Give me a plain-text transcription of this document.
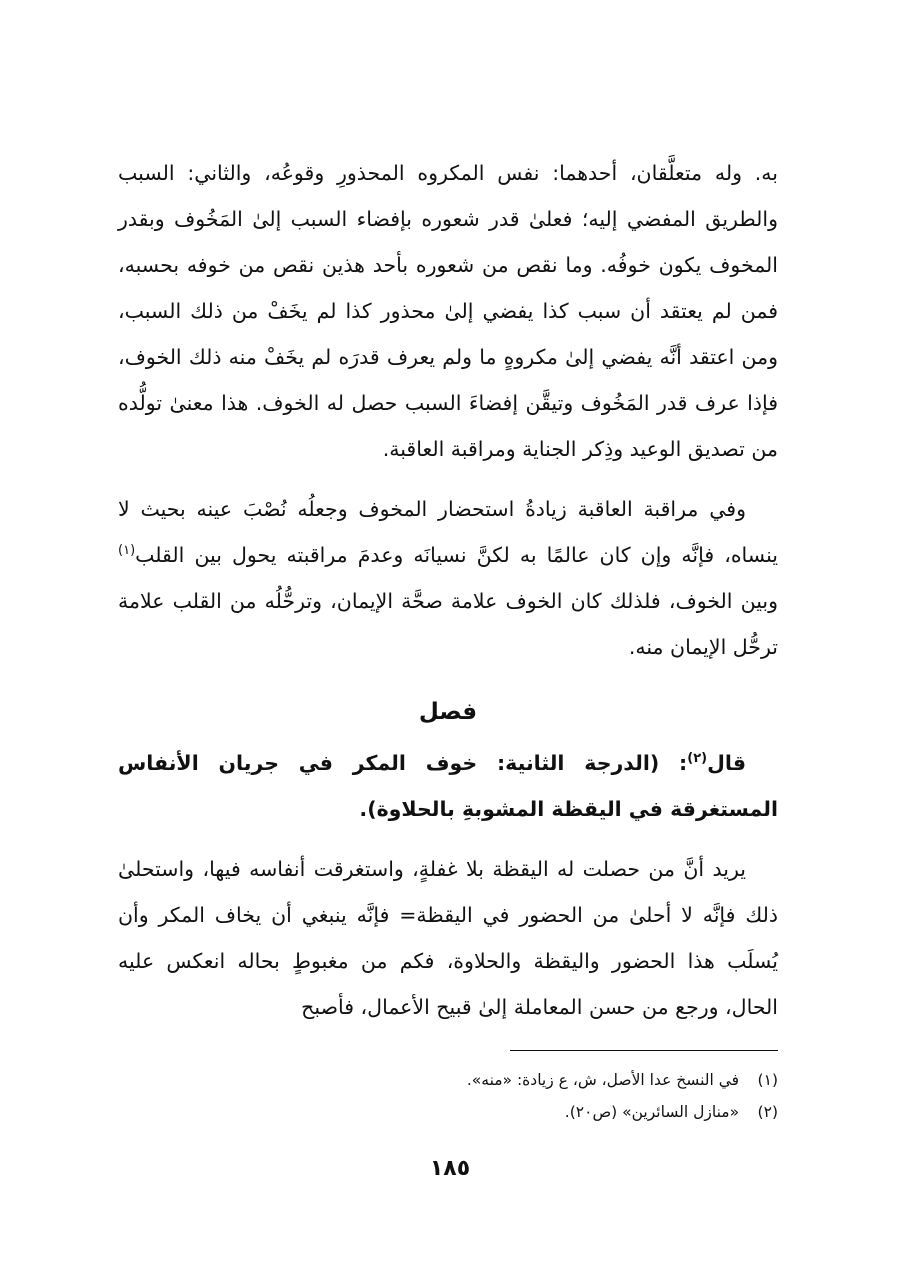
به. وله متعلَّقان، أحدهما: نفس المكروه المحذورِ وقوعُه، والثاني: السبب والطريق المفضي إليه؛ فعلىٰ قدر شعوره بإفضاء السبب إلىٰ المَخُوف وبقدر المخوف يكون خوفُه. وما نقص من شعوره بأحد هذين نقص من خوفه بحسبه، فمن لم يعتقد أن سبب كذا يفضي إلىٰ محذور كذا لم يخَفْ من ذلك السبب، ومن اعتقد أنَّه يفضي إلىٰ مكروهٍ ما ولم يعرف قدرَه لم يخَفْ منه ذلك الخوف، فإذا عرف قدر المَخُوف وتيقَّن إفضاءَ السبب حصل له الخوف. هذا معنىٰ تولُّده من تصديق الوعيد وذِكر الجناية ومراقبة العاقبة.

وفي مراقبة العاقبة زيادةُ استحضار المخوف وجعلُه نُصْبَ عينه بحيث لا ينساه، فإنَّه وإن كان عالمًا به لكنَّ نسيانَه وعدمَ مراقبته يحول بين القلب$^{(١)}$ وبين الخوف، فلذلك كان الخوف علامة صحَّة الإيمان، وترحُّلُه من القلب علامة ترحُّل الإيمان منه.

فصل

قال$^{(٢)}$: (الدرجة الثانية: خوف المكر في جريان الأنفاس المستغرقة في اليقظة المشوبةِ بالحلاوة).

يريد أنَّ من حصلت له اليقظة بلا غفلةٍ، واستغرقت أنفاسه فيها، واستحلىٰ ذلك فإنَّه لا أحلىٰ من الحضور في اليقظة= فإنَّه ينبغي أن يخاف المكر وأن يُسلَب هذا الحضور واليقظة والحلاوة، فكم من مغبوطٍ بحاله انعكس عليه الحال، ورجع من حسن المعاملة إلىٰ قبيح الأعمال، فأصبح

(١) في النسخ عدا الأصل، ش، ع زيادة: «منه».
(٢) «منازل السائرين» (ص٢٠).
١٨٥
